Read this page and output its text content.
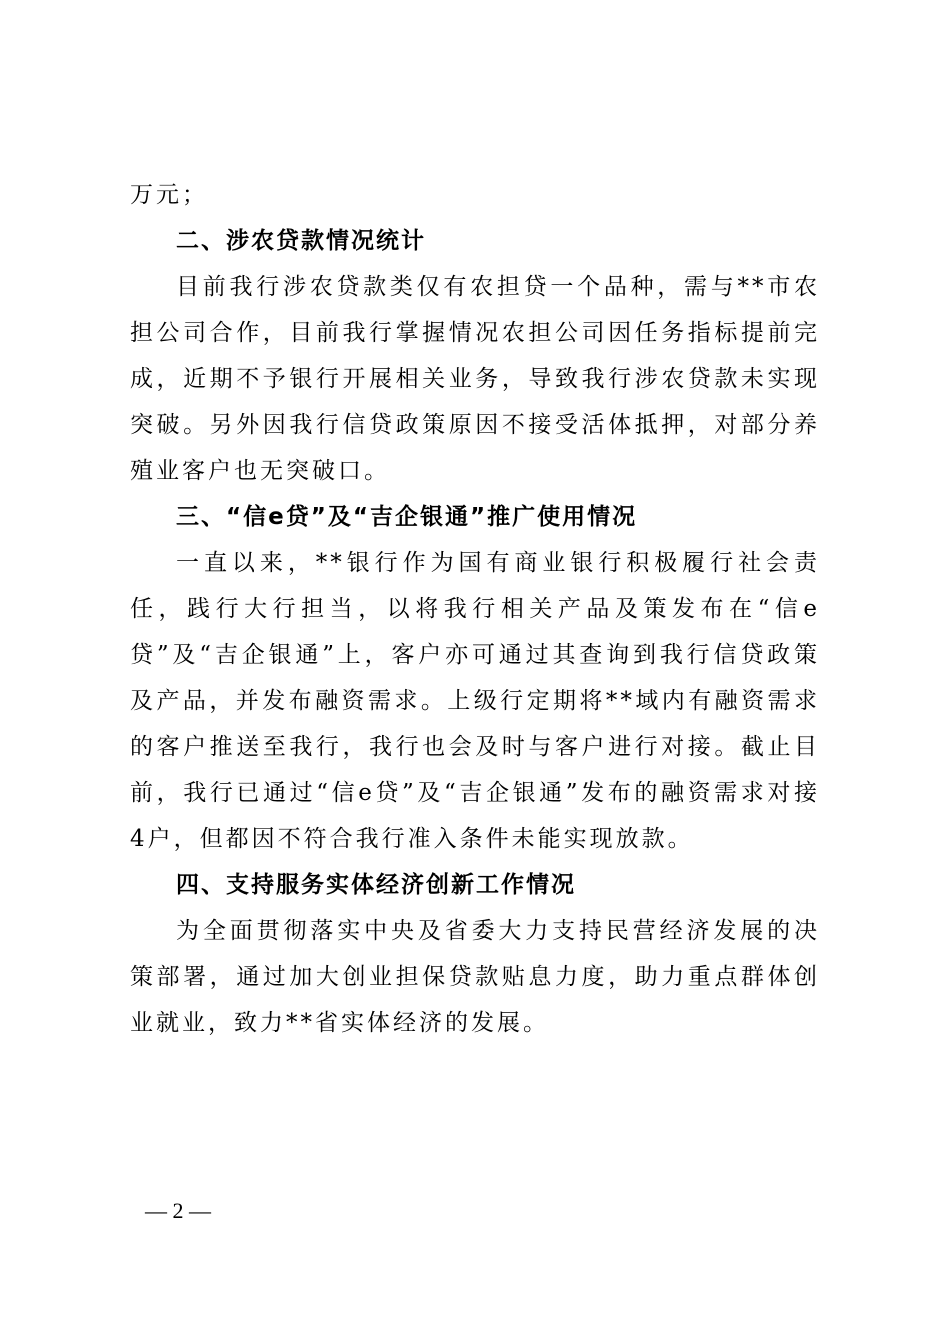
万元；

二、涉农贷款情况统计

目前我行涉农贷款类仅有农担贷一个品种，需与**市农担公司合作，目前我行掌握情况农担公司因任务指标提前完成，近期不予银行开展相关业务，导致我行涉农贷款未实现突破。另外因我行信贷政策原因不接受活体抵押，对部分养殖业客户也无突破口。

三、“信e贷”及“吉企银通”推广使用情况

一直以来，**银行作为国有商业银行积极履行社会责任，践行大行担当，以将我行相关产品及策发布在“信e贷”及“吉企银通”上，客户亦可通过其查询到我行信贷政策及产品，并发布融资需求。上级行定期将**域内有融资需求的客户推送至我行，我行也会及时与客户进行对接。截止目前，我行已通过“信e贷”及“吉企银通”发布的融资需求对接4户，但都因不符合我行准入条件未能实现放款。

四、支持服务实体经济创新工作情况

为全面贯彻落实中央及省委大力支持民营经济发展的决策部署，通过加大创业担保贷款贴息力度，助力重点群体创业就业，致力**省实体经济的发展。

— 2 —
